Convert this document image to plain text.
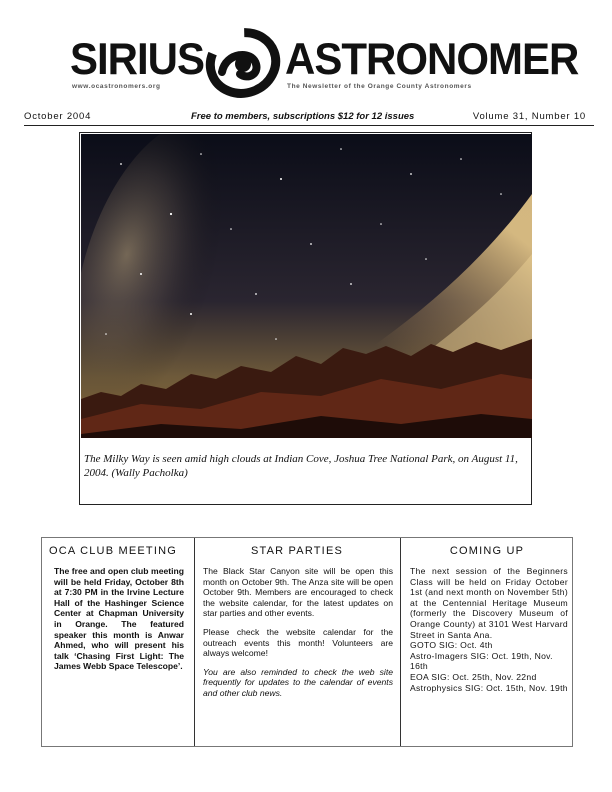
SIRIUS ASTRONOMER
www.ocastronomers.org	The Newsletter of the Orange County Astronomers
October 2004	Free to members, subscriptions $12 for 12 issues	Volume 31, Number 10
The Milky Way is seen amid high clouds at Indian Cove, Joshua Tree National Park, on August 11, 2004. (Wally Pacholka)
OCA CLUB MEETING
The free and open club meeting will be held Friday, October 8th at 7:30 PM in the Irvine Lecture Hall of the Hashinger Science Center at Chapman University in Orange. The featured speaker this month is Anwar Ahmed, who will present his talk ‘Chasing First Light: The James Webb Space Telescope’.
STAR PARTIES

The Black Star Canyon site will be open this month on October 9th. The Anza site will be open October 9th. Members are encouraged to check the website calendar, for the latest updates on star parties and other events.

Please check the website calendar for the outreach events this month! Volunteers are always welcome!

You are also reminded to check the web site frequently for updates to the calendar of events and other club news.

COMING UP
The next session of the Beginners Class will be held on Friday October 1st (and next month on November 5th) at the Centennial Heritage Museum (formerly the Discovery Museum of Orange County) at 3101 West Harvard Street in Santa Ana.
GOTO SIG: Oct. 4th
Astro-Imagers SIG: Oct. 19th, Nov. 16th
EOA SIG: Oct. 25th, Nov. 22nd
Astrophysics SIG: Oct. 15th, Nov. 19th
